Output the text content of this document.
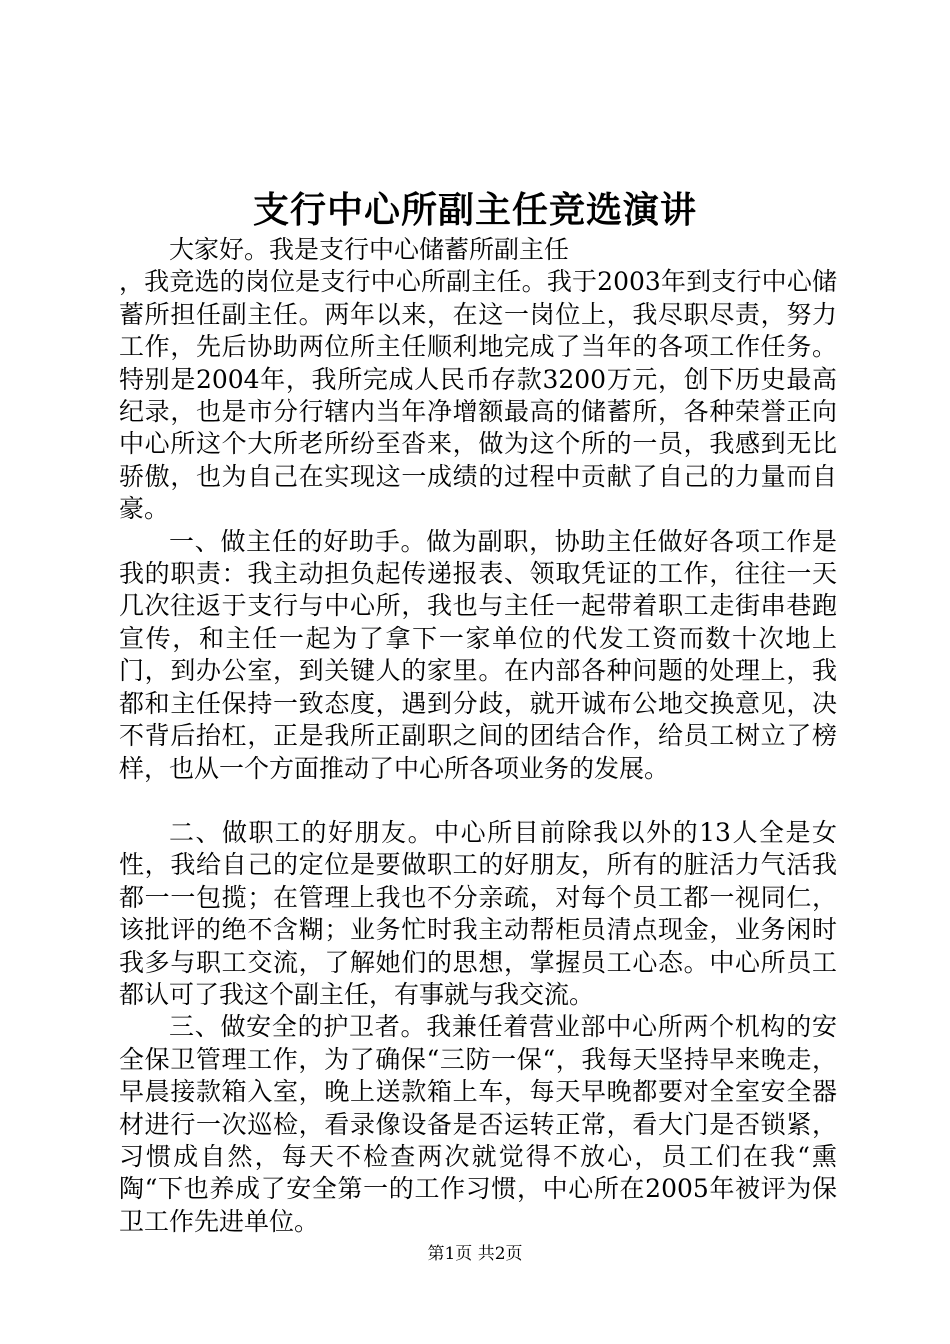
支行中心所副主任竞选演讲

大家好。我是支行中心储蓄所副主任

，我竞选的岗位是支行中心所副主任。我于2003年到支行中心储蓄所担任副主任。两年以来，在这一岗位上，我尽职尽责，努力工作，先后协助两位所主任顺利地完成了当年的各项工作任务。特别是2004年，我所完成人民币存款3200万元，创下历史最高纪录，也是市分行辖内当年净增额最高的储蓄所，各种荣誉正向中心所这个大所老所纷至沓来，做为这个所的一员，我感到无比骄傲，也为自己在实现这一成绩的过程中贡献了自己的力量而自豪。

一、做主任的好助手。做为副职，协助主任做好各项工作是我的职责：我主动担负起传递报表、领取凭证的工作，往往一天几次往返于支行与中心所，我也与主任一起带着职工走街串巷跑宣传，和主任一起为了拿下一家单位的代发工资而数十次地上门，到办公室，到关键人的家里。在内部各种问题的处理上，我都和主任保持一致态度，遇到分歧，就开诚布公地交换意见，决不背后抬杠，正是我所正副职之间的团结合作，给员工树立了榜样，也从一个方面推动了中心所各项业务的发展。

二、做职工的好朋友。中心所目前除我以外的13人全是女性，我给自己的定位是要做职工的好朋友，所有的脏活力气活我都一一包揽；在管理上我也不分亲疏，对每个员工都一视同仁，该批评的绝不含糊；业务忙时我主动帮柜员清点现金，业务闲时我多与职工交流，了解她们的思想，掌握员工心态。中心所员工都认可了我这个副主任，有事就与我交流。

三、做安全的护卫者。我兼任着营业部中心所两个机构的安全保卫管理工作，为了确保“三防一保“，我每天坚持早来晚走，早晨接款箱入室，晚上送款箱上车，每天早晚都要对全室安全器材进行一次巡检，看录像设备是否运转正常，看大门是否锁紧，习惯成自然，每天不检查两次就觉得不放心，员工们在我“熏陶“下也养成了安全第一的工作习惯，中心所在2005年被评为保卫工作先进单位。

第1页 共2页
